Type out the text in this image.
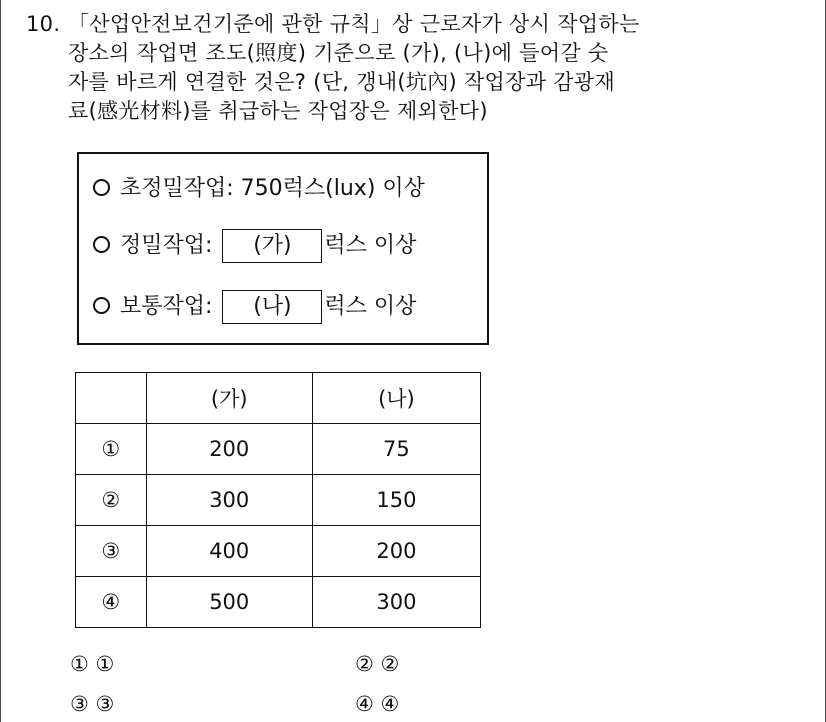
10. 「산업안전보건기준에 관한 규칙」상 근로자가 상시 작업하는
장소의 작업면 조도(照度) 기준으로 (가), (나)에 들어갈 숫
자를 바르게 연결한 것은? (단, 갱내(坑內) 작업장과 감광재
료(感光材料)를 취급하는 작업장은 제외한다)
초정밀작업: 750럭스(lux) 이상
정밀작업: (가) 럭스 이상
보통작업: (나) 럭스 이상
	(가)	(나)
①	200	75
②	300	150
③	400	200
④	500	300
① ①	② ②
③ ③	④ ④
